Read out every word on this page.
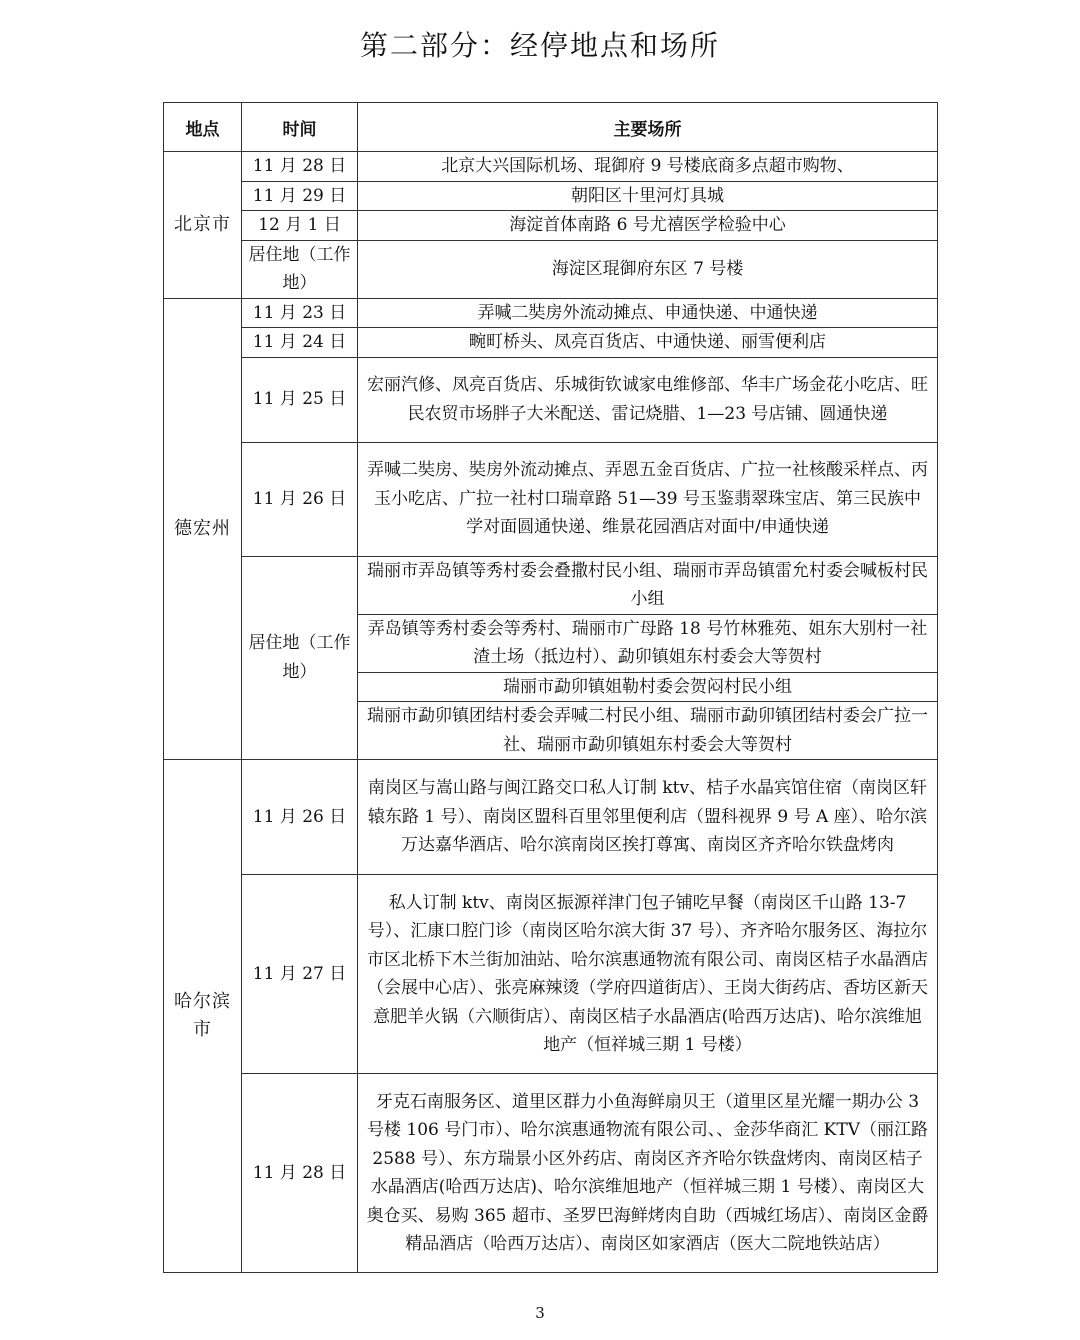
第二部分：经停地点和场所
地点	时间	主要场所
北京市	11 月 28 日	北京大兴国际机场、琨御府 9 号楼底商多点超市购物、
	11 月 29 日	朝阳区十里河灯具城
	12 月 1 日	海淀首体南路 6 号尤禧医学检验中心
	居住地（工作地）	海淀区琨御府东区 7 号楼
德宏州	11 月 23 日	弄喊二奘房外流动摊点、申通快递、中通快递
	11 月 24 日	畹町桥头、凤亮百货店、中通快递、丽雪便利店
	11 月 25 日	宏丽汽修、凤亮百货店、乐城街钦诚家电维修部、华丰广场金花小吃店、旺民农贸市场胖子大米配送、雷记烧腊、1—23 号店铺、圆通快递
	11 月 26 日	弄喊二奘房、奘房外流动摊点、弄恩五金百货店、广拉一社核酸采样点、丙玉小吃店、广拉一社村口瑞章路 51—39 号玉鉴翡翠珠宝店、第三民族中学对面圆通快递、维景花园酒店对面中/申通快递
	居住地（工作地）	瑞丽市弄岛镇等秀村委会叠撒村民小组、瑞丽市弄岛镇雷允村委会喊板村民小组
		弄岛镇等秀村委会等秀村、瑞丽市广母路 18 号竹林雅苑、姐东大别村一社渣土场（抵边村）、勐卯镇姐东村委会大等贺村
		瑞丽市勐卯镇姐勒村委会贺闷村民小组
		瑞丽市勐卯镇团结村委会弄喊二村民小组、瑞丽市勐卯镇团结村委会广拉一社、瑞丽市勐卯镇姐东村委会大等贺村
哈尔滨市	11 月 26 日	南岗区与嵩山路与闽江路交口私人订制 ktv、桔子水晶宾馆住宿（南岗区轩辕东路 1 号）、南岗区盟科百里邻里便利店（盟科视界 9 号 A 座）、哈尔滨万达嘉华酒店、哈尔滨南岗区挨打尊寓、南岗区齐齐哈尔铁盘烤肉
	11 月 27 日	私人订制 ktv、南岗区振源祥津门包子铺吃早餐（南岗区千山路 13-7 号）、汇康口腔门诊（南岗区哈尔滨大街 37 号）、齐齐哈尔服务区、海拉尔市区北桥下木兰街加油站、哈尔滨惠通物流有限公司、南岗区桔子水晶酒店（会展中心店）、张亮麻辣烫（学府四道街店）、王岗大街药店、香坊区新天意肥羊火锅（六顺街店）、南岗区桔子水晶酒店(哈西万达店)、哈尔滨维旭地产（恒祥城三期 1 号楼）
	11 月 28 日	牙克石南服务区、道里区群力小鱼海鲜扇贝王（道里区星光耀一期办公 3 号楼 106 号门市）、哈尔滨惠通物流有限公司、、金莎华商汇 KTV（丽江路 2588 号）、东方瑞景小区外药店、南岗区齐齐哈尔铁盘烤肉、南岗区桔子水晶酒店(哈西万达店)、哈尔滨维旭地产（恒祥城三期 1 号楼）、南岗区大奥仓买、易购 365 超市、圣罗巴海鲜烤肉自助（西城红场店）、南岗区金爵精品酒店（哈西万达店）、南岗区如家酒店（医大二院地铁站店）
3
